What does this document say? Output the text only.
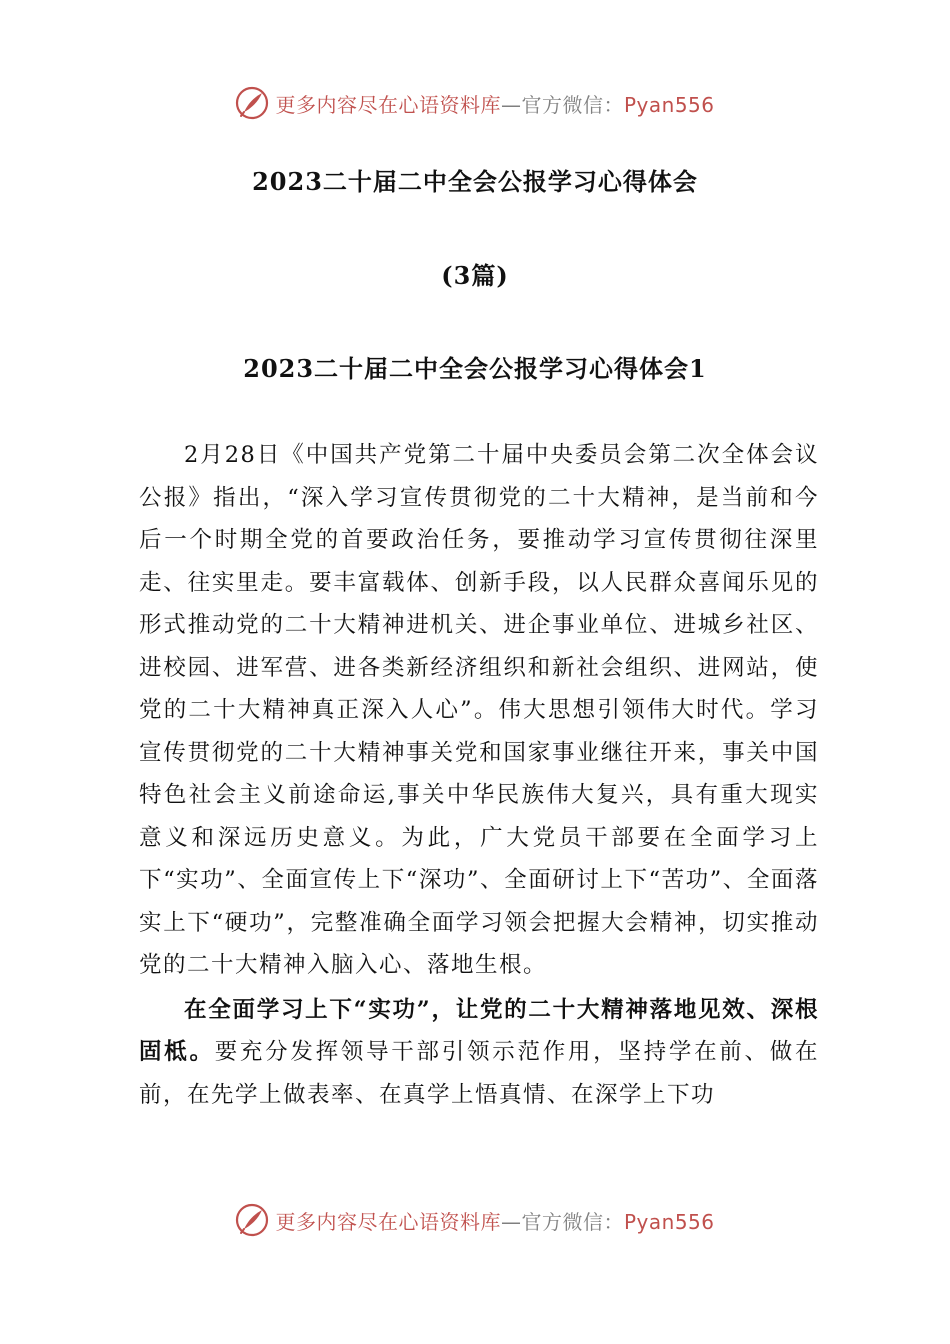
更多内容尽在心语资料库—官方微信：Pyan556
2023二十届二中全会公报学习心得体会
(3篇)
2023二十届二中全会公报学习心得体会1

2月28日《中国共产党第二十届中央委员会第二次全体会议公报》指出，“深入学习宣传贯彻党的二十大精神，是当前和今后一个时期全党的首要政治任务，要推动学习宣传贯彻往深里走、往实里走。要丰富载体、创新手段，以人民群众喜闻乐见的形式推动党的二十大精神进机关、进企事业单位、进城乡社区、进校园、进军营、进各类新经济组织和新社会组织、进网站，使党的二十大精神真正深入人心”。伟大思想引领伟大时代。学习宣传贯彻党的二十大精神事关党和国家事业继往开来，事关中国特色社会主义前途命运,事关中华民族伟大复兴，具有重大现实意义和深远历史意义。为此，广大党员干部要在全面学习上下“实功”、全面宣传上下“深功”、全面研讨上下“苦功”、全面落实上下“硬功”，完整准确全面学习领会把握大会精神，切实推动党的二十大精神入脑入心、落地生根。

在全面学习上下“实功”，让党的二十大精神落地见效、深根固柢。要充分发挥领导干部引领示范作用，坚持学在前、做在前，在先学上做表率、在真学上悟真情、在深学上下功

更多内容尽在心语资料库—官方微信：Pyan556
